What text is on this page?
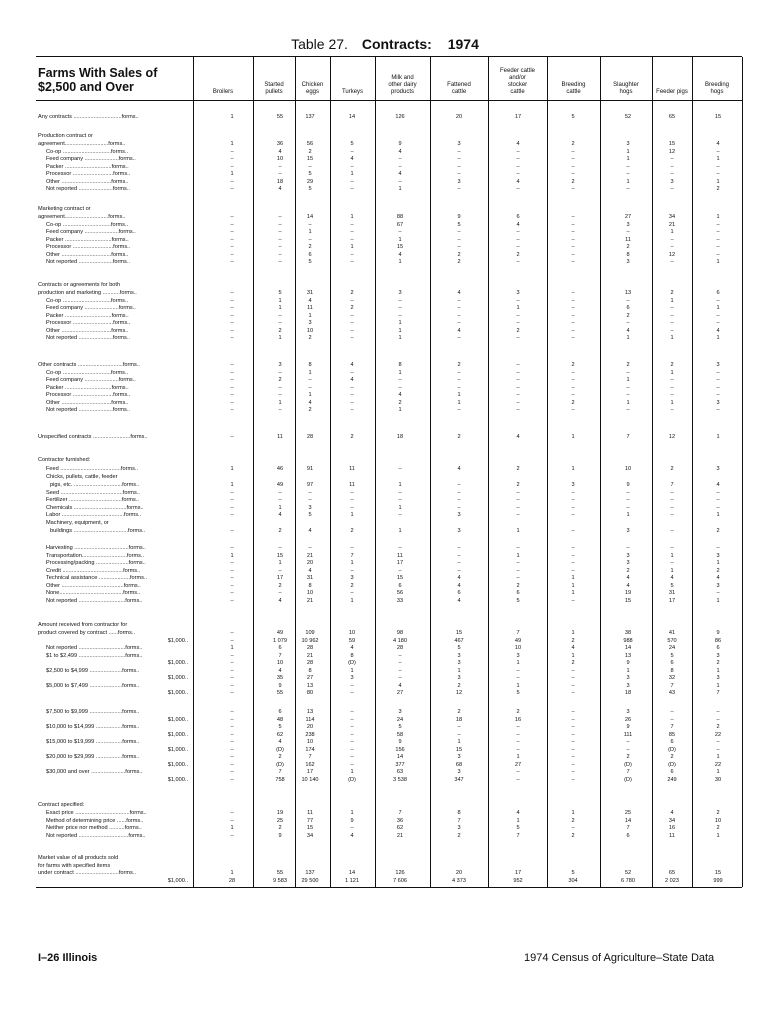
Table 27. Contracts: 1974
Farms With Sales of
$2,500 and Over	Broilers
Started
pullets
Chicken eggs	Turkeys
Milk and
other dairy
products
Fattened
cattle
Feeder cattle
and/or
stocker
cattle
Breeding
cattle
Slaughter
hogs	Feeder pigs
Breeding
hogs
Any contracts ...............................forms..	1	55	137	14	126	20	17	5	52	65	15
Production contract or
agreement............................forms..	1	36	56	5	9	3	4	2	3	15	4
Co-op ...............................forms..	–	4	2	–	4	–	–	–	1	12	–
Feed company ......................forms..	–	10	15	4	–	–	–	–	1	–	1
Packer ..............................forms..	–	–	–	–	–	–	–	–	–	–	–
Processor ..........................forms..	1	–	5	1	4	–	–	–	–	–	–
Other ................................forms..	–	18	29	–	–	3	4	2	1	3	1
Not reported ......................forms..	–	4	5	–	1	–	–	–	–	–	2
Marketing contract or
agreement............................forms..	–	–	14	1	88	9	6	–	27	34	1
Co-op ...............................forms..	–	–	–	–	67	5	4	–	3	21	–
Feed company ......................forms..	–	–	1	–	–	–	–	–	–	1	–
Packer ..............................forms..	–	–	–	–	1	–	–	–	11	–	–
Processor ..........................forms..	–	–	2	1	15	–	–	–	2	–	–
Other ................................forms..	–	–	6	–	4	2	2	–	8	12	–
Not reported ......................forms..	–	–	5	–	1	2	–	–	3	–	1
Contracts or agreements for both
production and marketing ...........forms..	–	5	31	2	3	4	3	–	13	2	6
Co-op ...............................forms..	–	1	4	–	–	–	–	–	–	1	–
Feed company ......................forms..	–	1	11	2	–	–	1	–	6	–	1
Packer ..............................forms..	–	–	1	–	–	–	–	–	2	–	–
Processor ..........................forms..	–	–	3	–	1	–	–	–	–	–	–
Other ................................forms..	–	2	10	–	1	4	2	–	4	–	4
Not reported ......................forms..	–	1	2	–	1	–	–	–	1	1	1
Other contracts .............................forms..	–	3	8	4	8	2	–	2	2	2	3
Co-op ...............................forms..	–	–	1	–	1	–	–	–	–	1	–
Feed company ......................forms..	–	2	–	4	–	–	–	–	1	–	–
Packer ..............................forms..	–	–	–	–	–	–	–	–	–	–	–
Processor ..........................forms..	–	–	1	–	4	1	–	–	–	–	–
Other ................................forms..	–	1	4	–	2	1	–	2	1	1	3
Not reported ......................forms..	–	–	2	–	1	–	–	–	–	–	–
Unspecified contracts ........................forms..	–	11	28	2	18	2	4	1	7	12	1
Contractor furnished:
Feed .......................................forms..	1	46	91	11	–	4	2	1	10	2	3
Chicks, pullets, cattle, feeder
pigs, etc. ...............................forms..	1	49	97	11	1	–	2	3	9	7	4
Seed ........................................forms..	–	–	–	–	–	–	–	–	–	–	–
Fertilizer ..................................forms..	–	–	–	–	–	–	–	–	–	–	–
Chemicals ..................................forms..	–	1	3	–	1	–	–	–	–	–	–
Labor ........................................forms..	–	4	5	1	–	3	–	–	1	–	1
Machinery, equipment, or
buildings ...................................forms..	–	2	4	2	1	3	1	–	3	–	2
Harvesting ...................................forms..	–	–	–	–	–	–	–	–	–	–	–
Transportation.............................forms..	1	15	21	7	11	–	1	–	3	1	3
Processing/packing .....................forms..	–	1	20	1	17	–	–	–	3	–	1
Credit .......................................forms..	–	–	4	–	–	–	–	–	2	1	2
Technical assistance ....................forms..	–	17	31	3	15	4	–	1	4	4	4
Other ........................................forms..	–	2	8	2	6	4	2	1	4	5	3
None.........................................forms..	–	–	10	–	56	6	6	1	19	31	–
Not reported ..............................forms..	–	4	21	1	33	4	5	–	15	17	1
Amount received from contractor for
product covered by contract ......forms..	–	49	109	10	98	15	7	1	38	41	9
$1,000..	–	1 079	10 962	59	4 180	467	49	2	988	570	86
Not reported ..............................forms..	1	6	28	4	28	5	10	4	14	24	6
$1 to $2,499 ..............................forms..	–	7	21	8	–	3	3	1	13	5	3
$1,000..	–	10	28	(D)	–	3	1	2	9	6	2
$2,500 to $4,999 .....................forms..	–	4	8	1	–	1	–	–	1	8	1
$1,000..	–	35	27	3	–	3	–	–	3	32	3
$5,000 to $7,499 .....................forms..	–	9	13	–	4	2	1	–	3	7	1
$1,000..	–	55	80	–	27	12	5	–	18	43	7
$7,500 to $9,999 .....................forms..	–	6	13	–	3	2	2	–	3	–	–
$1,000..	–	48	114	–	24	18	16	–	26	–	–
$10,000 to $14,999 .................forms..	–	5	20	–	5	–	–	–	9	7	2
$1,000..	–	62	238	–	58	–	–	–	111	85	22
$15,000 to $19,999 .................forms..	–	4	10	–	9	1	–	–	–	6	–
$1,000..	–	(D)	174	–	156	15	–	–	–	(D)	–
$20,000 to $29,999 .................forms..	–	2	7	–	14	3	1	–	2	2	1
$1,000..	–	(D)	162	–	377	68	27	–	(D)	(D)	22
$30,000 and over ......................forms..	–	7	17	1	63	3	–	–	7	6	1
$1,000..	–	758	10 140	(D)	3 538	347	–	–	(D)	249	30
Contract specified:
Exact price ...................................forms..	–	19	11	1	7	8	4	1	25	4	2
Method of determining price ......forms..	–	25	77	9	36	7	1	2	14	34	10
Neither price nor method ..........forms..	1	2	15	–	62	3	5	–	7	16	2
Not reported ................................forms..	–	9	34	4	21	2	7	2	6	11	1
Market value of all products sold
for farms with specified items
under contract ............................forms..	1	55	137	14	126	20	17	5	52	65	15
$1,000..	28	9 583	29 500	1 121	7 606	4 373	952	304	6 780	2 023	999
I–26 Illinois	1974 Census of Agriculture–State Data
